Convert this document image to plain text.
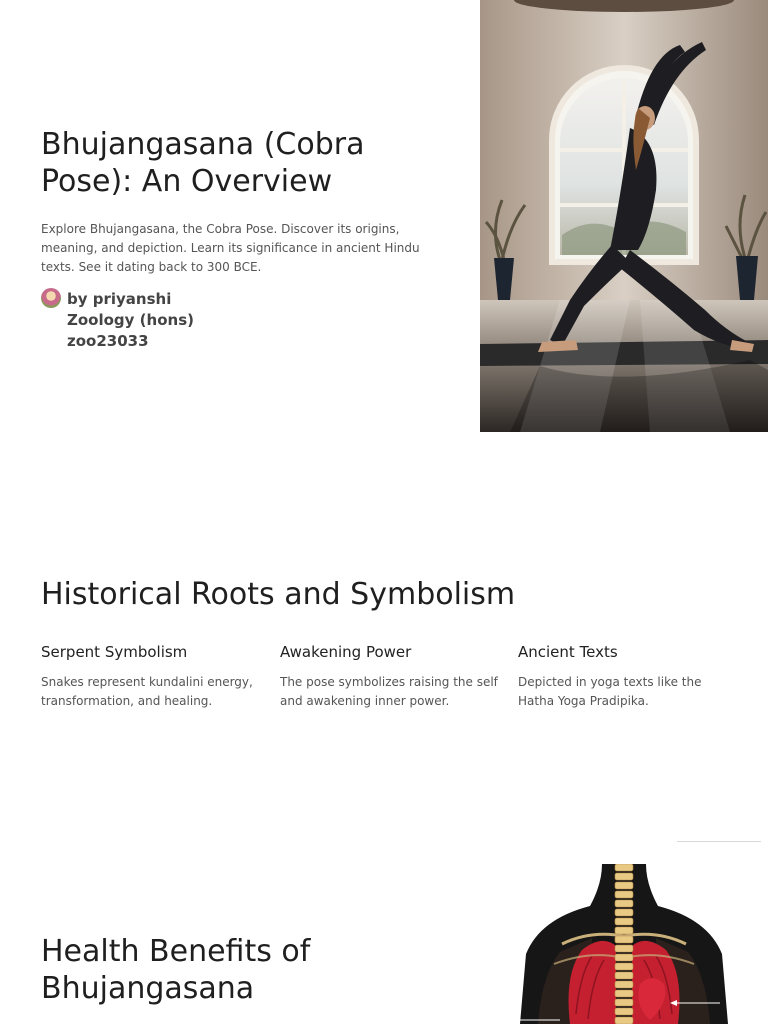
Bhujangasana (Cobra Pose): An Overview

Explore Bhujangasana, the Cobra Pose. Discover its origins, meaning, and depiction. Learn its significance in ancient Hindu texts. See it dating back to 300 BCE.

by priyanshi
Zoology (hons)
zoo23033
Historical Roots and Symbolism
Serpent Symbolism

Snakes represent kundalini energy, transformation, and healing.

Awakening Power

The pose symbolizes raising the self and awakening inner power.

Ancient Texts

Depicted in yoga texts like the Hatha Yoga Pradipika.

Health Benefits of Bhujangasana
